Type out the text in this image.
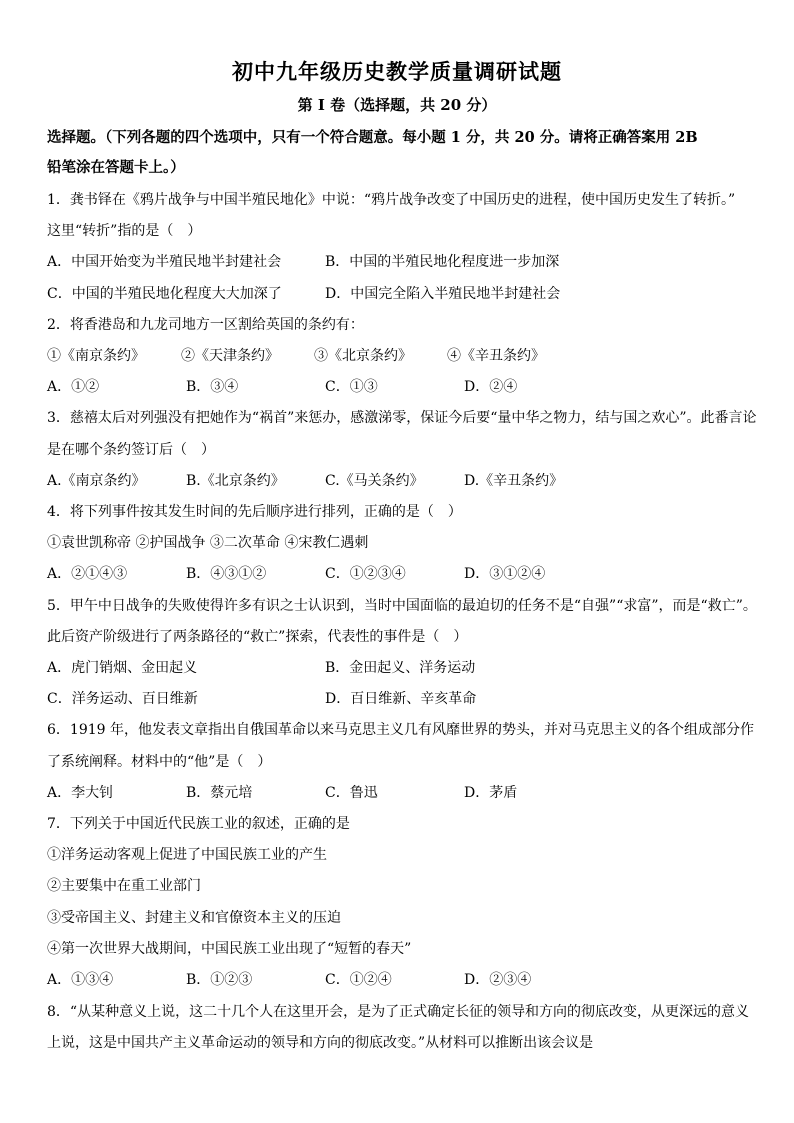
初中九年级历史教学质量调研试题
第 I 卷（选择题，共 20 分）
选择题。（下列各题的四个选项中，只有一个符合题意。每小题 1 分，共 20 分。请将正确答案用 2B
铅笔涂在答题卡上。）
1．龚书铎在《鸦片战争与中国半殖民地化》中说：“鸦片战争改变了中国历史的进程，使中国历史发生了转折。”
这里“转折”指的是（　）
A．中国开始变为半殖民地半封建社会	B．中国的半殖民地化程度进一步加深
C．中国的半殖民地化程度大大加深了	D．中国完全陷入半殖民地半封建社会
2．将香港岛和九龙司地方一区割给英国的条约有：
①《南京条约》	②《天津条约》	③《北京条约》	④《辛丑条约》
A．①②	B．③④	C．①③	D．②④
3．慈禧太后对列强没有把她作为“祸首”来惩办，感激涕零，保证今后要“量中华之物力，结与国之欢心”。此番言论
是在哪个条约签订后（　）
A.《南京条约》	B.《北京条约》	C.《马关条约》	D.《辛丑条约》
4．将下列事件按其发生时间的先后顺序进行排列，正确的是（　）
①袁世凯称帝 ②护国战争 ③二次革命 ④宋教仁遇刺
A．②①④③	B．④③①②	C．①②③④	D．③①②④
5．甲午中日战争的失败使得许多有识之士认识到，当时中国面临的最迫切的任务不是“自强”“求富”，而是“救亡”。
此后资产阶级进行了两条路径的“救亡”探索，代表性的事件是（　）
A．虎门销烟、金田起义	B．金田起义、洋务运动
C．洋务运动、百日维新	D．百日维新、辛亥革命
6．1919 年，他发表文章指出自俄国革命以来马克思主义几有风靡世界的势头，并对马克思主义的各个组成部分作
了系统阐释。材料中的“他”是（　）
A．李大钊	B．蔡元培	C．鲁迅	D．茅盾
7．下列关于中国近代民族工业的叙述，正确的是
①洋务运动客观上促进了中国民族工业的产生
②主要集中在重工业部门
③受帝国主义、封建主义和官僚资本主义的压迫
④第一次世界大战期间，中国民族工业出现了“短暂的春天”
A．①③④	B．①②③	C．①②④	D．②③④
8．“从某种意义上说，这二十几个人在这里开会，是为了正式确定长征的领导和方向的彻底改变，从更深远的意义
上说，这是中国共产主义革命运动的领导和方向的彻底改变。”从材料可以推断出该会议是
